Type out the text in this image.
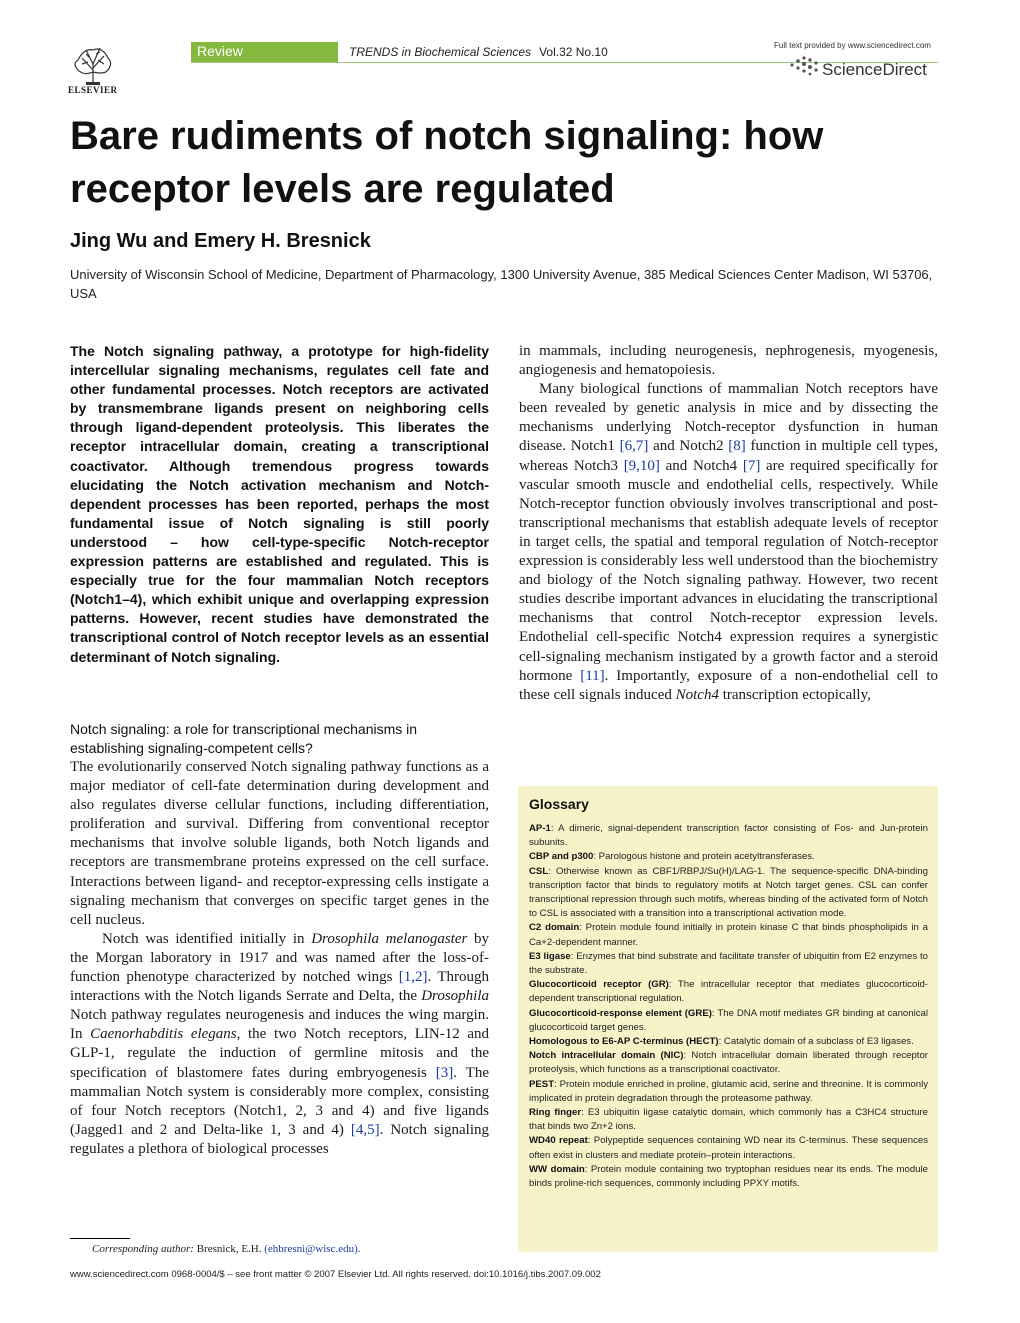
ELSEVIER
Review	TRENDS in Biochemical Sciences Vol.32 No.10	Full text provided by www.sciencedirect.com
ScienceDirect
Bare rudiments of notch signaling: how receptor levels are regulated
Jing Wu and Emery H. Bresnick
University of Wisconsin School of Medicine, Department of Pharmacology, 1300 University Avenue, 385 Medical Sciences Center Madison, WI 53706, USA
The Notch signaling pathway, a prototype for high-fidelity intercellular signaling mechanisms, regulates cell fate and other fundamental processes. Notch receptors are activated by transmembrane ligands present on neighboring cells through ligand-dependent proteolysis. This liberates the receptor intracellular domain, creating a transcriptional coactivator. Although tremendous progress towards elucidating the Notch activation mechanism and Notch-dependent processes has been reported, perhaps the most fundamental issue of Notch signaling is still poorly understood – how cell-type-specific Notch-receptor expression patterns are established and regulated. This is especially true for the four mammalian Notch receptors (Notch1–4), which exhibit unique and overlapping expression patterns. However, recent studies have demonstrated the transcriptional control of Notch receptor levels as an essential determinant of Notch signaling.
Notch signaling: a role for transcriptional mechanisms in establishing signaling-competent cells?

The evolutionarily conserved Notch signaling pathway functions as a major mediator of cell-fate determination during development and also regulates diverse cellular functions, including differentiation, proliferation and survival. Differing from conventional receptor mechanisms that involve soluble ligands, both Notch ligands and receptors are transmembrane proteins expressed on the cell surface. Interactions between ligand- and receptor-expressing cells instigate a signaling mechanism that converges on specific target genes in the cell nucleus.

Notch was identified initially in Drosophila melanogaster by the Morgan laboratory in 1917 and was named after the loss-of-function phenotype characterized by notched wings [1,2]. Through interactions with the Notch ligands Serrate and Delta, the Drosophila Notch pathway regulates neurogenesis and induces the wing margin. In Caenorhabditis elegans, the two Notch receptors, LIN-12 and GLP-1, regulate the induction of germline mitosis and the specification of blastomere fates during embryogenesis [3]. The mammalian Notch system is considerably more complex, consisting of four Notch receptors (Notch1, 2, 3 and 4) and five ligands (Jagged1 and 2 and Delta-like 1, 3 and 4) [4,5]. Notch signaling regulates a plethora of biological processes

in mammals, including neurogenesis, nephrogenesis, myogenesis, angiogenesis and hematopoiesis.

Many biological functions of mammalian Notch receptors have been revealed by genetic analysis in mice and by dissecting the mechanisms underlying Notch-receptor dysfunction in human disease. Notch1 [6,7] and Notch2 [8] function in multiple cell types, whereas Notch3 [9,10] and Notch4 [7] are required specifically for vascular smooth muscle and endothelial cells, respectively. While Notch-receptor function obviously involves transcriptional and post-transcriptional mechanisms that establish adequate levels of receptor in target cells, the spatial and temporal regulation of Notch-receptor expression is considerably less well understood than the biochemistry and biology of the Notch signaling pathway. However, two recent studies describe important advances in elucidating the transcriptional mechanisms that control Notch-receptor expression levels. Endothelial cell-specific Notch4 expression requires a synergistic cell-signaling mechanism instigated by a growth factor and a steroid hormone [11]. Importantly, exposure of a non-endothelial cell to these cell signals induced Notch4 transcription ectopically,

Glossary

AP-1: A dimeric, signal-dependent transcription factor consisting of Fos- and Jun-protein subunits.

CBP and p300: Parologous histone and protein acetyltransferases.

CSL: Otherwise known as CBF1/RBPJ/Su(H)/LAG-1. The sequence-specific DNA-binding transcription factor that binds to regulatory motifs at Notch target genes. CSL can confer transcriptional repression through such motifs, whereas binding of the activated form of Notch to CSL is associated with a transition into a transcriptional activation mode.

C2 domain: Protein module found initially in protein kinase C that binds phospholipids in a Ca+2-dependent manner.

E3 ligase: Enzymes that bind substrate and facilitate transfer of ubiquitin from E2 enzymes to the substrate.

Glucocorticoid receptor (GR): The intracellular receptor that mediates glucocorticoid-dependent transcriptional regulation.

Glucocorticoid-response element (GRE): The DNA motif mediates GR binding at canonical glucocorticoid target genes.

Homologous to E6-AP C-terminus (HECT): Catalytic domain of a subclass of E3 ligases.

Notch intracellular domain (NIC): Notch intracellular domain liberated through receptor proteolysis, which functions as a transcriptional coactivator.

PEST: Protein module enriched in proline, glutamic acid, serine and threonine. It is commonly implicated in protein degradation through the proteasome pathway.

Ring finger: E3 ubiquitin ligase catalytic domain, which commonly has a C3HC4 structure that binds two Zn+2 ions.

WD40 repeat: Polypeptide sequences containing WD near its C-terminus. These sequences often exist in clusters and mediate protein–protein interactions.

WW domain: Protein module containing two tryptophan residues near its ends. The module binds proline-rich sequences, commonly including PPXY motifs.

Corresponding author: Bresnick, E.H. (ehbresni@wisc.edu).
www.sciencedirect.com 0968-0004/$ – see front matter © 2007 Elsevier Ltd. All rights reserved. doi:10.1016/j.tibs.2007.09.002
